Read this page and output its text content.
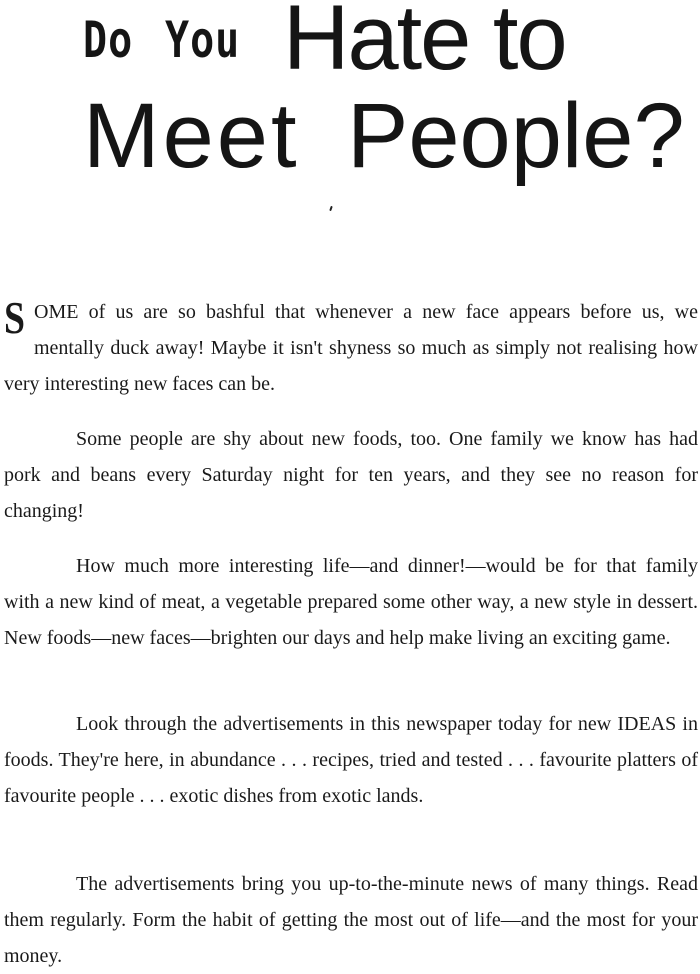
Do You Hate to
Meet People?

SOME of us are so bashful that whenever a new face appears before us, we mentally duck away! Maybe it isn't shyness so much as simply not realising how very interesting new faces can be.

Some people are shy about new foods, too. One family we know has had pork and beans every Saturday night for ten years, and they see no reason for changing!

How much more interesting life—and dinner!—would be for that family with a new kind of meat, a vegetable prepared some other way, a new style in dessert. New foods—new faces—brighten our days and help make living an exciting game.

Look through the advertisements in this newspaper today for new IDEAS in foods. They're here, in abundance . . . recipes, tried and tested . . . favourite platters of favourite people . . . exotic dishes from exotic lands.

The advertisements bring you up-to-the-minute news of many things. Read them regularly. Form the habit of getting the most out of life—and the most for your money.
